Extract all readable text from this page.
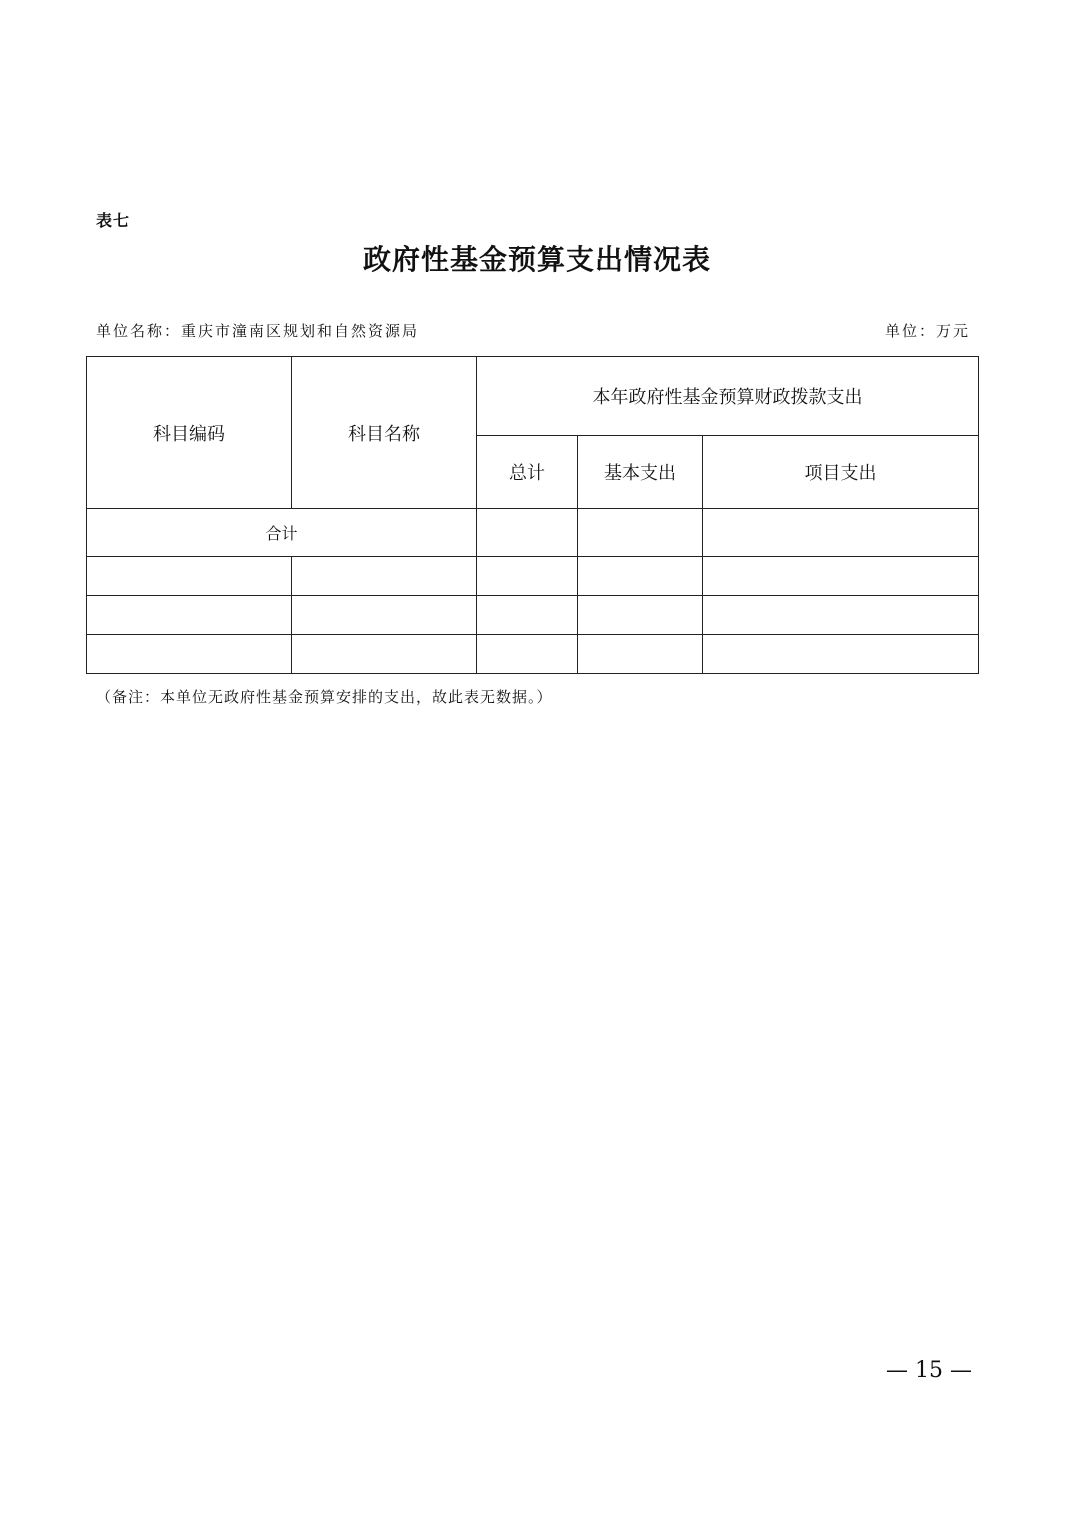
表七
政府性基金预算支出情况表
单位名称：重庆市潼南区规划和自然资源局	单位：万元
科目编码	科目名称	本年政府性基金预算财政拨款支出		
		总计	基本支出	项目支出
合计				

（备注：本单位无政府性基金预算安排的支出，故此表无数据。）
— 15 —
